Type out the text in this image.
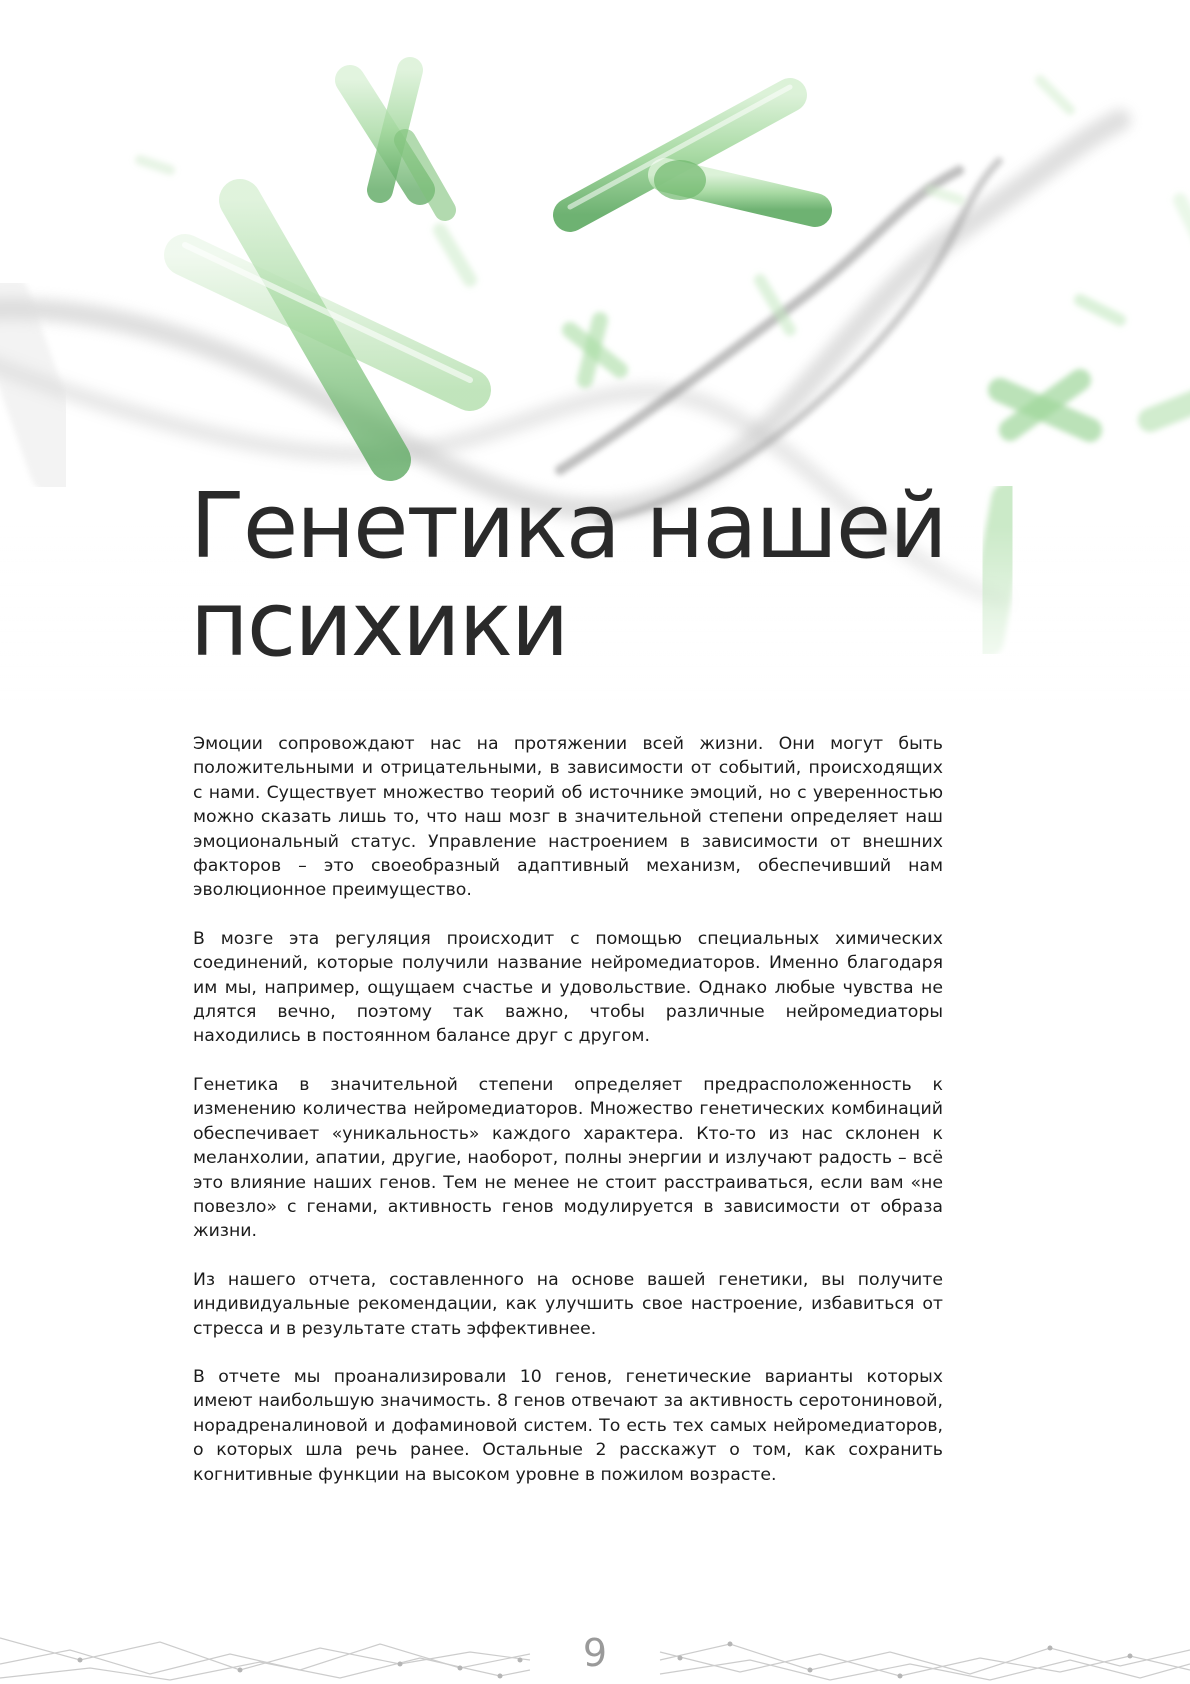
Генетика нашей
психики

Эмоции сопровождают нас на протяжении всей жизни. Они могут быть положительными и отрицательными, в зависимости от событий, происходящих с нами. Существует множество теорий об источнике эмоций, но с уверенностью можно сказать лишь то, что наш мозг в значительной степени определяет наш эмоциональный статус. Управление настроением в зависимости от внешних факторов – это своеобразный адаптивный механизм, обеспечивший нам эволюционное преимущество.

В мозге эта регуляция происходит с помощью специальных химических соединений, которые получили название нейромедиаторов. Именно благодаря им мы, например, ощущаем счастье и удовольствие. Однако любые чувства не длятся вечно, поэтому так важно, чтобы различные нейромедиаторы находились в постоянном балансе друг с другом.

Генетика в значительной степени определяет предрасположенность к изменению количества нейромедиаторов. Множество генетических комбинаций обеспечивает «уникальность» каждого характера. Кто-то из нас склонен к меланхолии, апатии, другие, наоборот, полны энергии и излучают радость – всё это влияние наших генов. Тем не менее не стоит расстраиваться, если вам «не повезло» с генами, активность генов модулируется в зависимости от образа жизни.

Из нашего отчета, составленного на основе вашей генетики, вы получите индивидуальные рекомендации, как улучшить свое настроение, избавиться от стресса и в результате стать эффективнее.

В отчете мы проанализировали 10 генов, генетические варианты которых имеют наибольшую значимость. 8 генов отвечают за активность серотониновой, норадреналиновой и дофаминовой систем. То есть тех самых нейромедиаторов, о которых шла речь ранее. Остальные 2 расскажут о том, как сохранить когнитивные функции на высоком уровне в пожилом возрасте.

9
